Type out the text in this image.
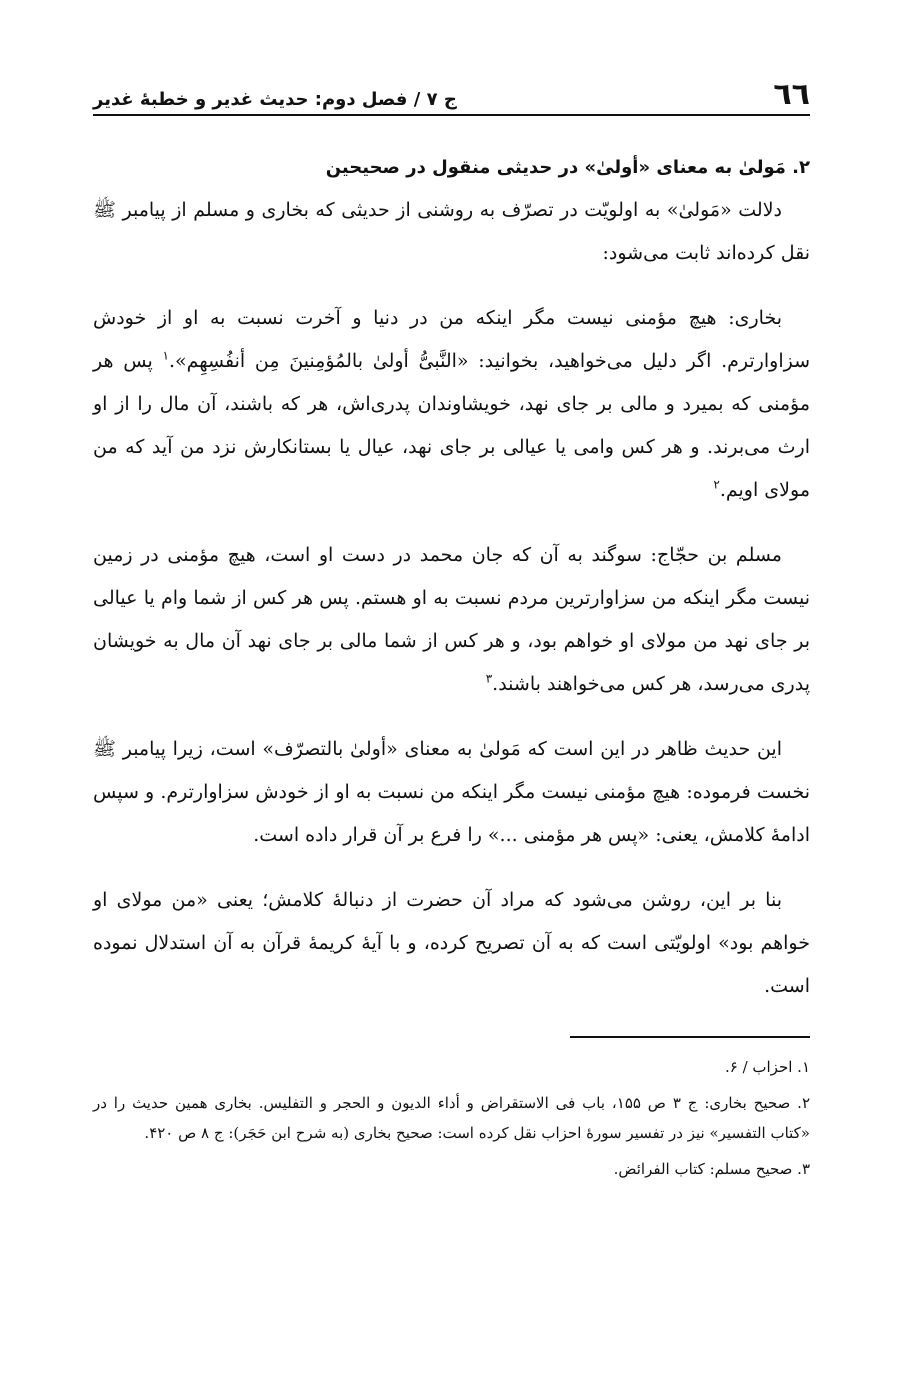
٦٦
ج ۷ / فصل دوم: حدیث غدیر و خطبهٔ غدیر

۲. مَولیٰ به معنای «أولیٰ» در حدیثی منقول در صحیحین

دلالت «مَولیٰ» به اولویّت در تصرّف به روشنی از حدیثی که بخاری و مسلم از پیامبر ﷺ نقل کرده‌اند ثابت می‌شود:

بخاری: هیچ مؤمنی نیست مگر اینکه من در دنیا و آخرت نسبت به او از خودش سزاوارترم. اگر دلیل می‌خواهید، بخوانید: «النَّبیُّ أولیٰ بالمُؤمِنینَ مِن أنفُسِهِم».$^۱$ پس هر مؤمنی که بمیرد و مالی بر جای نهد، خویشاوندان پدری‌اش، هر که باشند، آن مال را از او ارث می‌برند. و هر کس وامی یا عیالی بر جای نهد، عیال یا بستانکارش نزد من آید که من مولای اویم.$^۲$

مسلم بن حجّاج: سوگند به آن که جان محمد در دست او است، هیچ مؤمنی در زمین نیست مگر اینکه من سزاوارترین مردم نسبت به او هستم. پس هر کس از شما وام یا عیالی بر جای نهد من مولای او خواهم بود، و هر کس از شما مالی بر جای نهد آن مال به خویشان پدری می‌رسد، هر کس می‌خواهند باشند.$^۳$

این حدیث ظاهر در این است که مَولیٰ به معنای «أولیٰ بالتصرّف» است، زیرا پیامبر ﷺ نخست فرموده: هیچ مؤمنی نیست مگر اینکه من نسبت به او از خودش سزاوارترم. و سپس ادامهٔ کلامش، یعنی: «پس هر مؤمنی ...» را فرع بر آن قرار داده است.

بنا بر این، روشن می‌شود که مراد آن حضرت از دنبالهٔ کلامش؛ یعنی «من مولای او خواهم بود» اولویّتی است که به آن تصریح کرده، و با آیهٔ کریمهٔ قرآن به آن استدلال نموده است.

۱. احزاب / ۶.

۲. صحیح بخاری: ج ۳ ص ۱۵۵، باب فی الاستقراض و أداء الدیون و الحجر و التفلیس. بخاری همین حدیث را در «کتاب التفسیر» نیز در تفسیر سورهٔ احزاب نقل کرده است: صحیح بخاری (به شرح ابن حَجَر): ج ۸ ص ۴۲۰.

۳. صحیح مسلم: کتاب الفرائض.
